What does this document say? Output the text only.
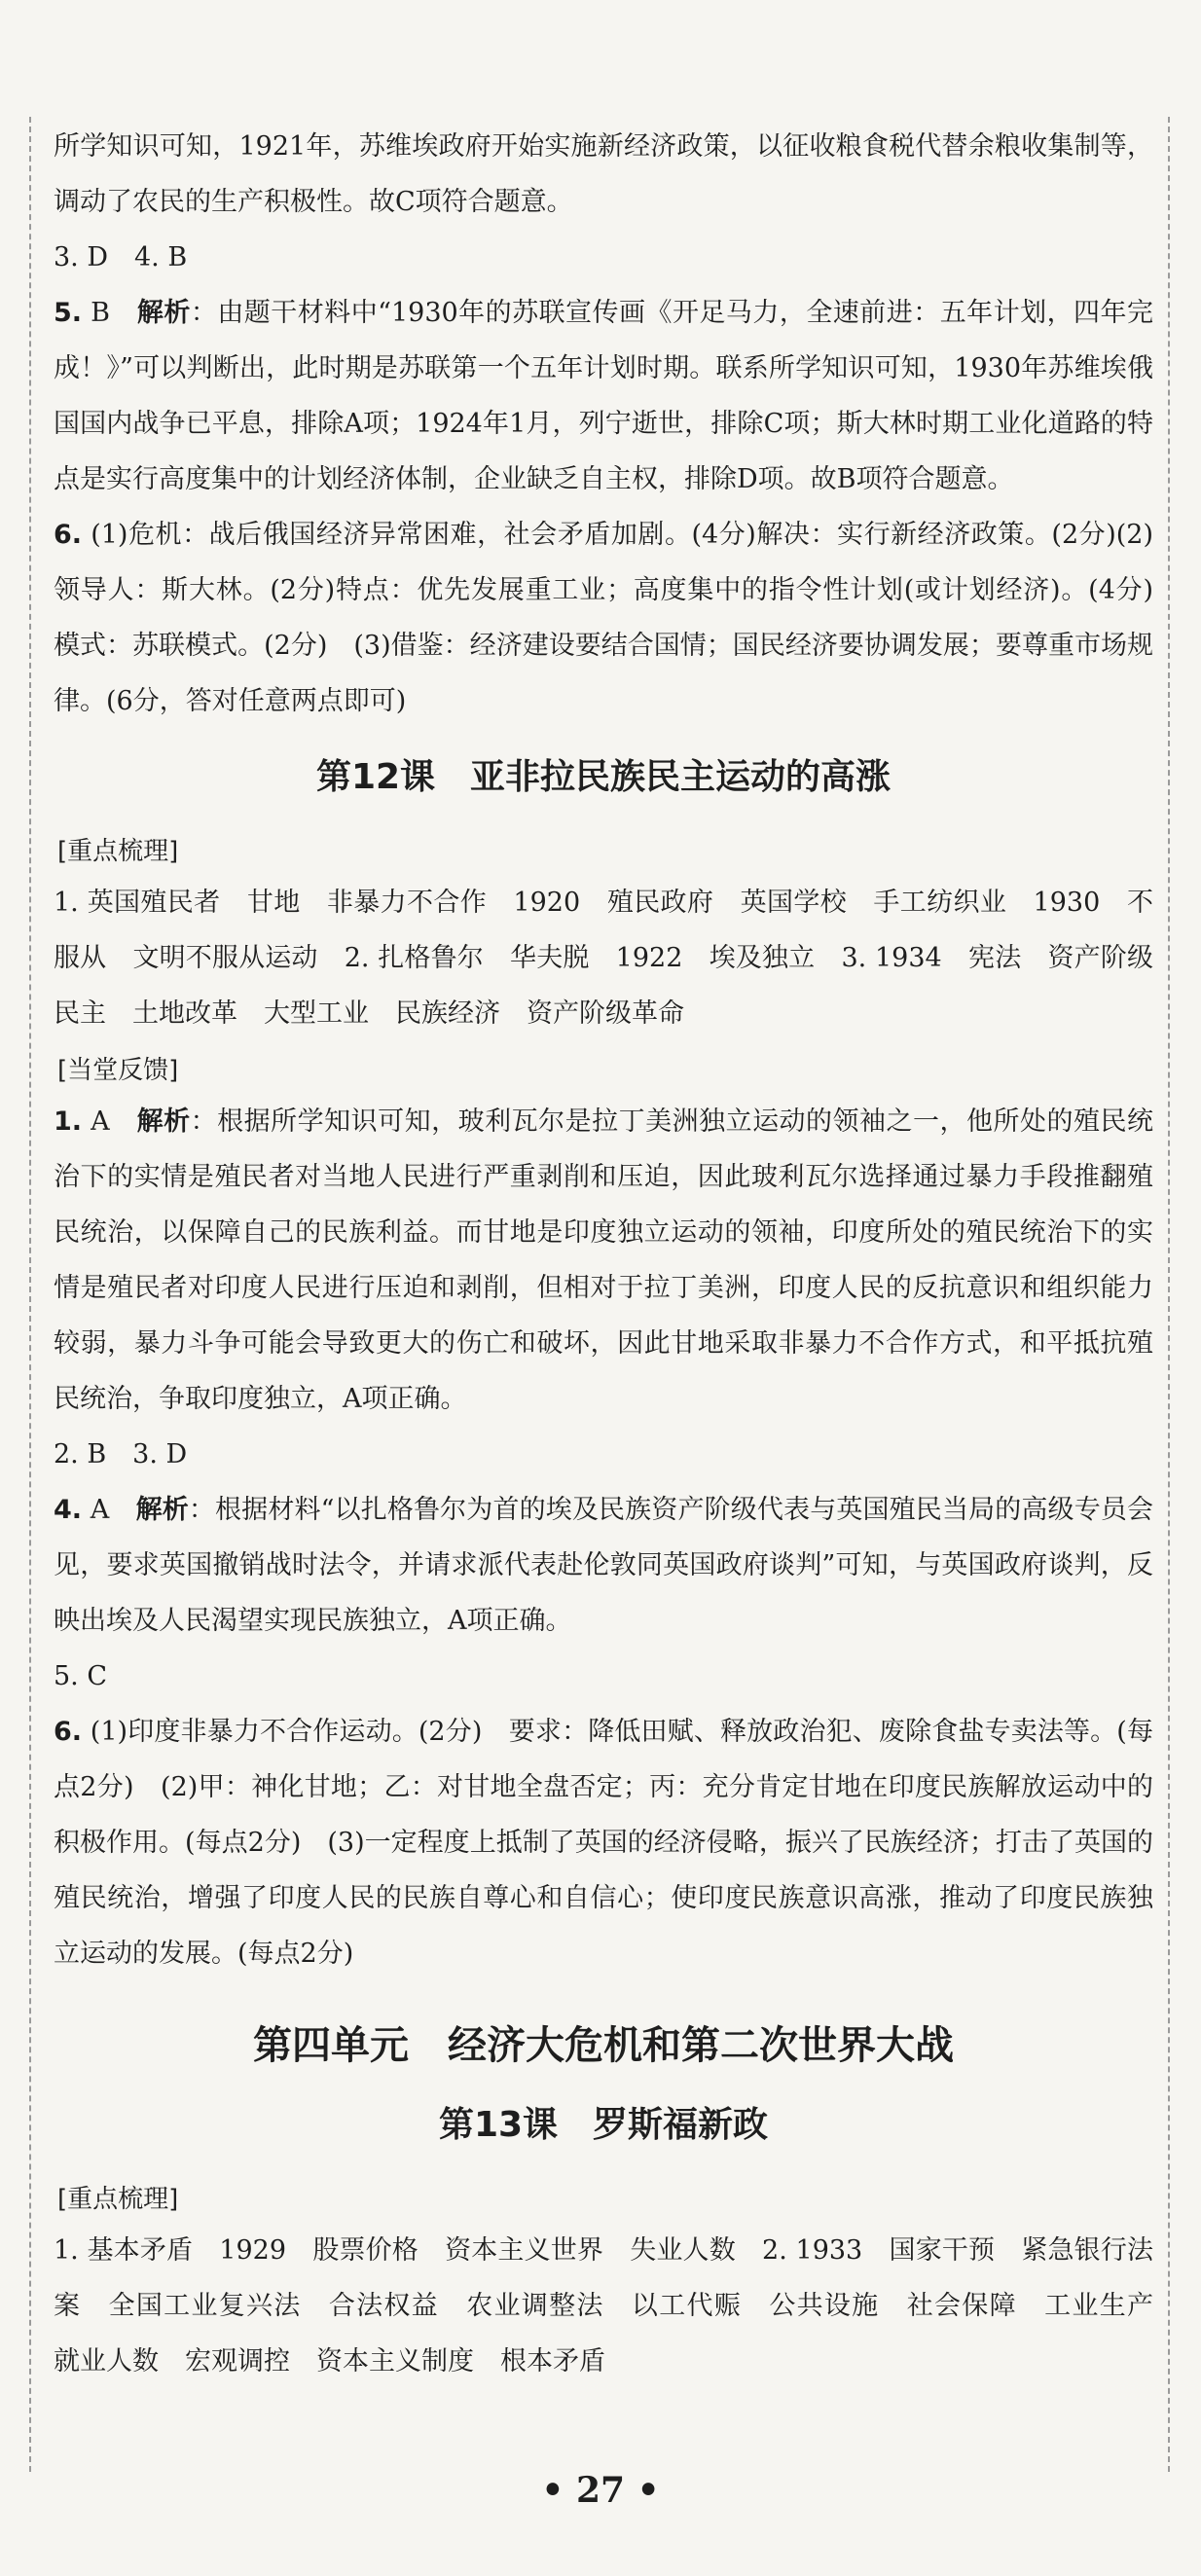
所学知识可知，1921年，苏维埃政府开始实施新经济政策，以征收粮食税代替余粮收集制等，调动了农民的生产积极性。故C项符合题意。

3. D　4. B

5. B　 解析：由题干材料中“1930年的苏联宣传画《开足马力，全速前进：五年计划，四年完成！》”可以判断出，此时期是苏联第一个五年计划时期。联系所学知识可知，1930年苏维埃俄国国内战争已平息，排除A项；1924年1月，列宁逝世，排除C项；斯大林时期工业化道路的特点是实行高度集中的计划经济体制，企业缺乏自主权，排除D项。故B项符合题意。

6. (1)危机：战后俄国经济异常困难，社会矛盾加剧。(4分)解决：实行新经济政策。(2分)(2)领导人：斯大林。(2分)特点：优先发展重工业；高度集中的指令性计划(或计划经济)。(4分)　模式：苏联模式。(2分)　(3)借鉴：经济建设要结合国情；国民经济要协调发展；要尊重市场规律。(6分，答对任意两点即可)

第12课　亚非拉民族民主运动的高涨
[ 重点梳理 ]

1. 英国殖民者　甘地　非暴力不合作　1920　殖民政府　英国学校　手工纺织业　1930　不服从　文明不服从运动　2. 扎格鲁尔　华夫脱　1922　埃及独立　3. 1934　宪法　资产阶级民主　土地改革　大型工业　民族经济　资产阶级革命

[ 当堂反馈 ]

1. A　 解析：根据所学知识可知，玻利瓦尔是拉丁美洲独立运动的领袖之一，他所处的殖民统治下的实情是殖民者对当地人民进行严重剥削和压迫，因此玻利瓦尔选择通过暴力手段推翻殖民统治，以保障自己的民族利益。而甘地是印度独立运动的领袖，印度所处的殖民统治下的实情是殖民者对印度人民进行压迫和剥削，但相对于拉丁美洲，印度人民的反抗意识和组织能力较弱，暴力斗争可能会导致更大的伤亡和破坏，因此甘地采取非暴力不合作方式，和平抵抗殖民统治，争取印度独立，A项正确。

2. B　3. D

4. A　 解析：根据材料“以扎格鲁尔为首的埃及民族资产阶级代表与英国殖民当局的高级专员会见，要求英国撤销战时法令，并请求派代表赴伦敦同英国政府谈判”可知，与英国政府谈判，反映出埃及人民渴望实现民族独立，A项正确。

5. C

6. (1)印度非暴力不合作运动。(2分)　要求：降低田赋、释放政治犯、废除食盐专卖法等。(每点2分)　(2)甲：神化甘地；乙：对甘地全盘否定；丙：充分肯定甘地在印度民族解放运动中的积极作用。(每点2分)　(3)一定程度上抵制了英国的经济侵略，振兴了民族经济；打击了英国的殖民统治，增强了印度人民的民族自尊心和自信心；使印度民族意识高涨，推动了印度民族独立运动的发展。(每点2分)

第四单元　经济大危机和第二次世界大战
第13课　罗斯福新政
[ 重点梳理 ]

1. 基本矛盾　1929　股票价格　资本主义世界　失业人数　2. 1933　国家干预　紧急银行法案　全国工业复兴法　合法权益　农业调整法　以工代赈　公共设施　社会保障　工业生产　就业人数　宏观调控　资本主义制度　根本矛盾

• 27 •
